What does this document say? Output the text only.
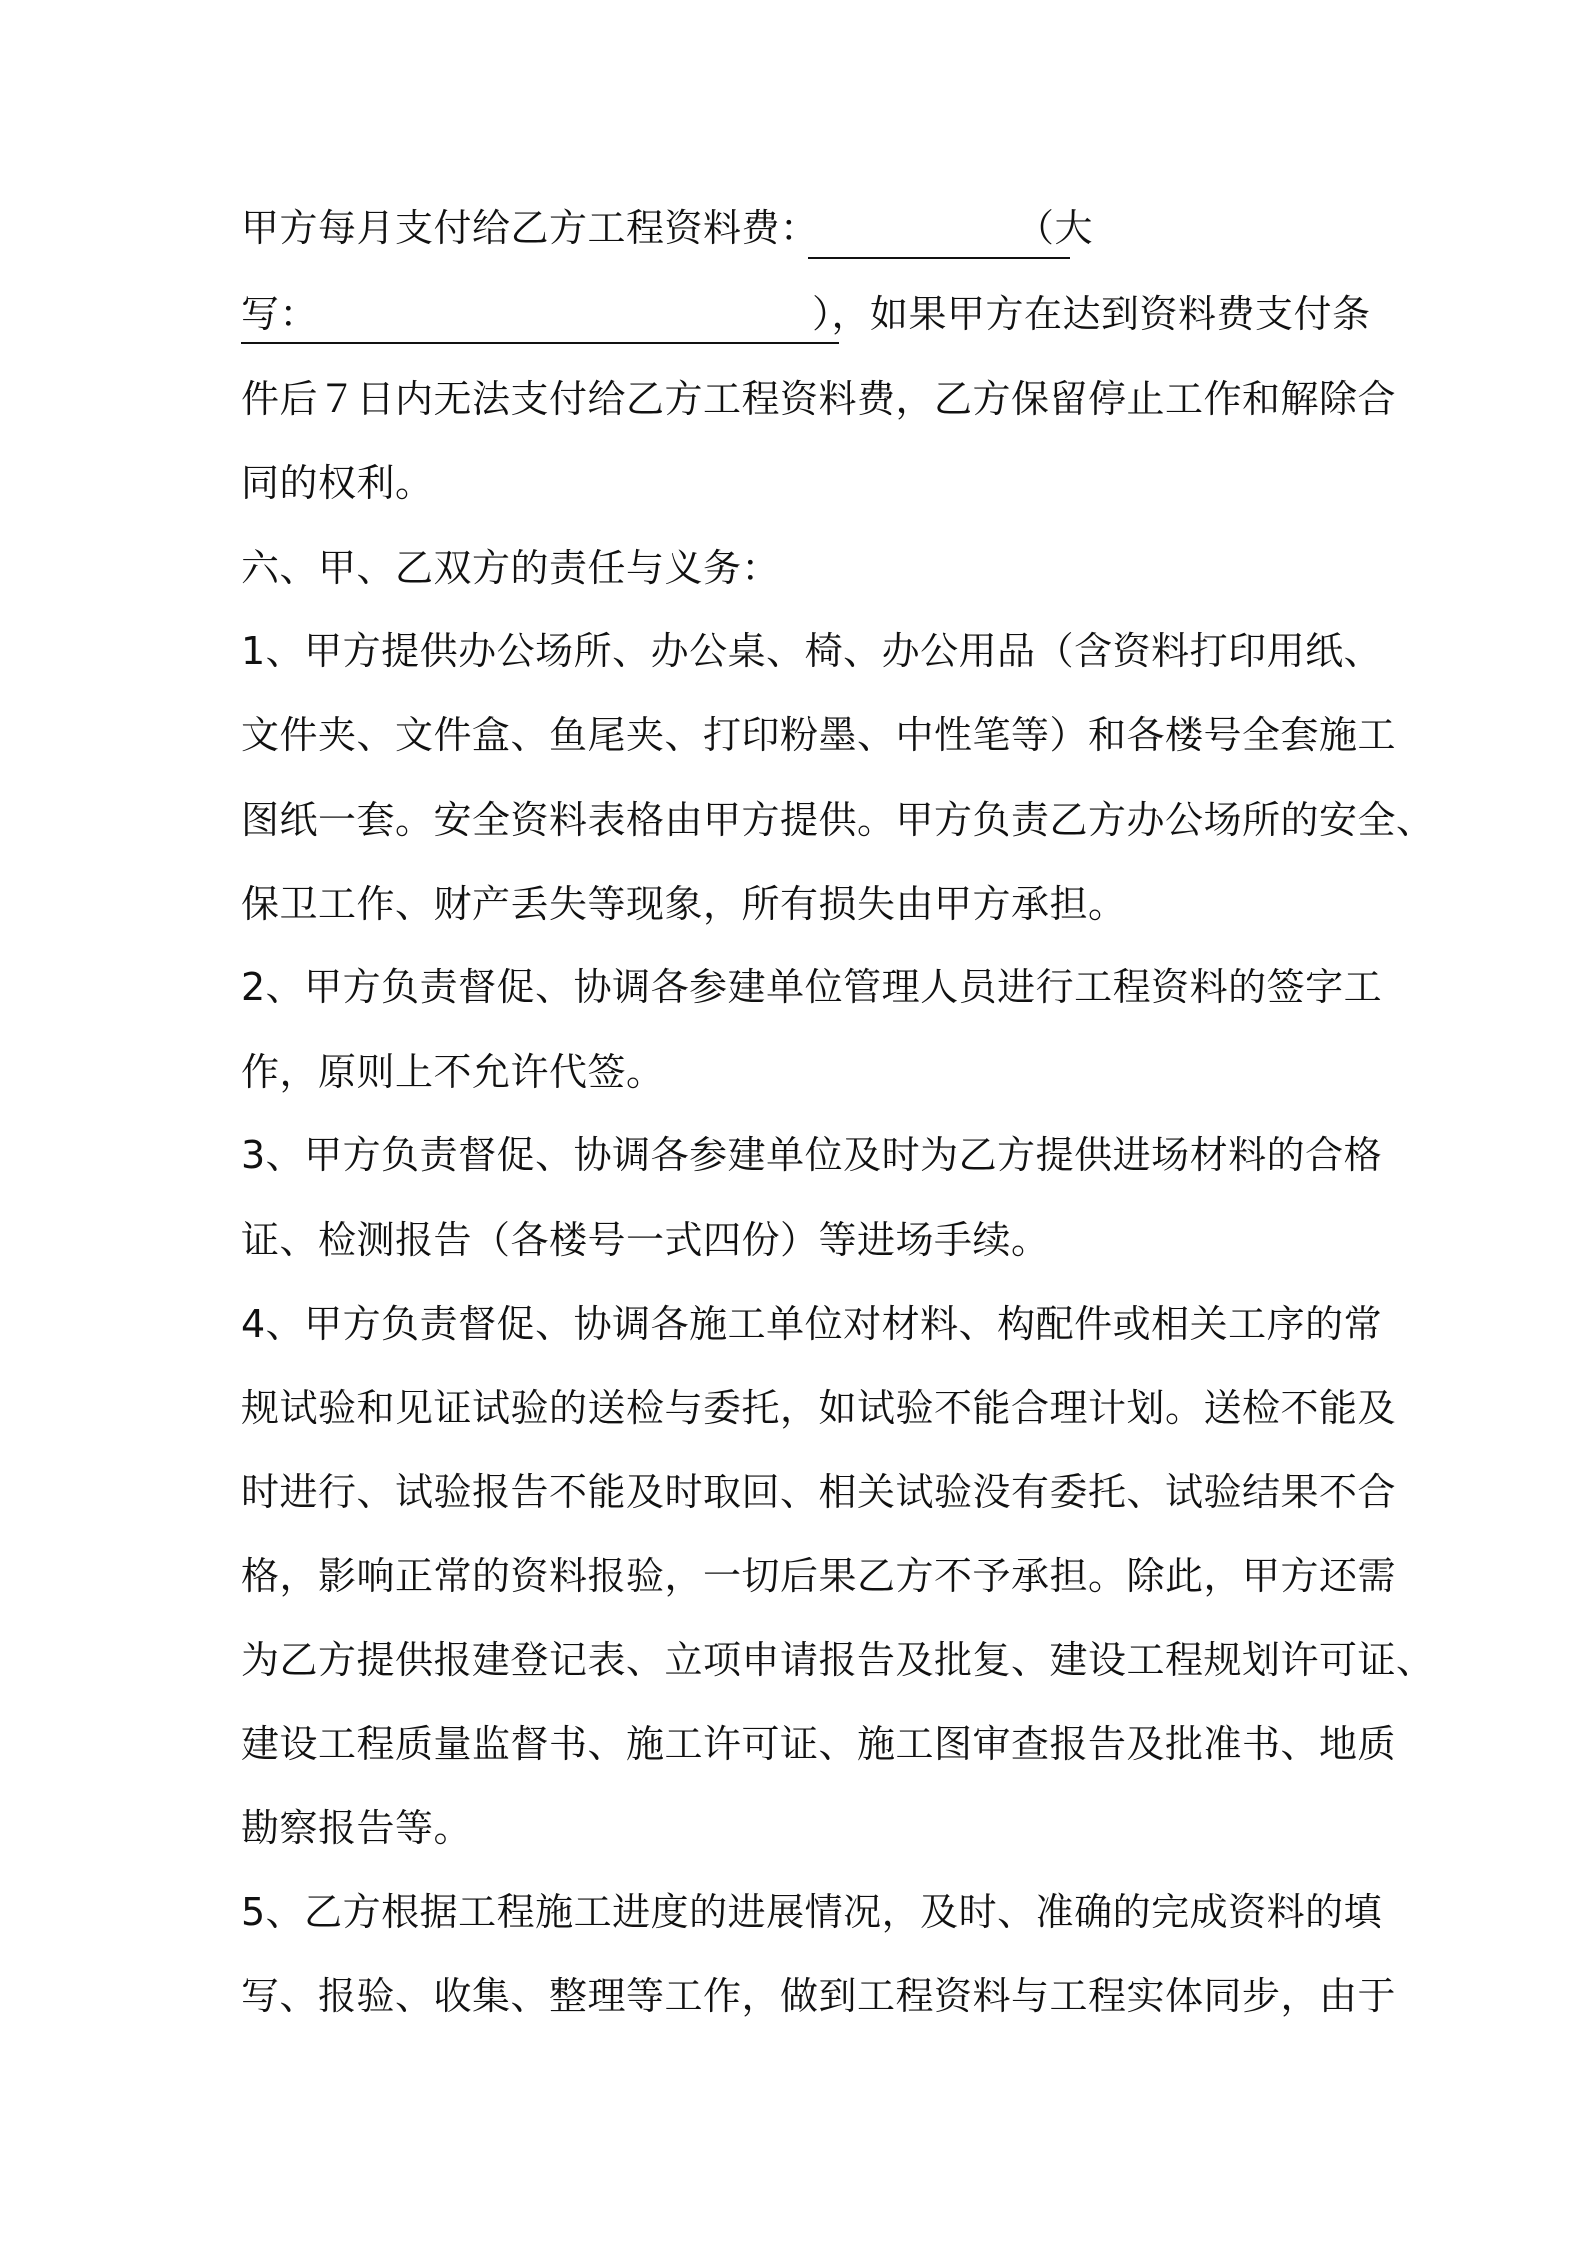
甲方每月支付给乙方工程资料费：	（大
写：	），如果甲方在达到资料费支付条
件后７日内无法支付给乙方工程资料费，乙方保留停止工作和解除合
同的权利。
六、甲、乙双方的责任与义务：
1、甲方提供办公场所、办公桌、椅、办公用品（含资料打印用纸、
文件夹、文件盒、鱼尾夹、打印粉墨、中性笔等）和各楼号全套施工
图纸一套。安全资料表格由甲方提供。甲方负责乙方办公场所的安全、
保卫工作、财产丢失等现象，所有损失由甲方承担。
2、甲方负责督促、协调各参建单位管理人员进行工程资料的签字工
作，原则上不允许代签。
3、甲方负责督促、协调各参建单位及时为乙方提供进场材料的合格
证、检测报告（各楼号一式四份）等进场手续。
4、甲方负责督促、协调各施工单位对材料、构配件或相关工序的常
规试验和见证试验的送检与委托，如试验不能合理计划。送检不能及
时进行、试验报告不能及时取回、相关试验没有委托、试验结果不合
格，影响正常的资料报验，一切后果乙方不予承担。除此，甲方还需
为乙方提供报建登记表、立项申请报告及批复、建设工程规划许可证、
建设工程质量监督书、施工许可证、施工图审查报告及批准书、地质
勘察报告等。
5、乙方根据工程施工进度的进展情况，及时、准确的完成资料的填
写、报验、收集、整理等工作，做到工程资料与工程实体同步，由于
